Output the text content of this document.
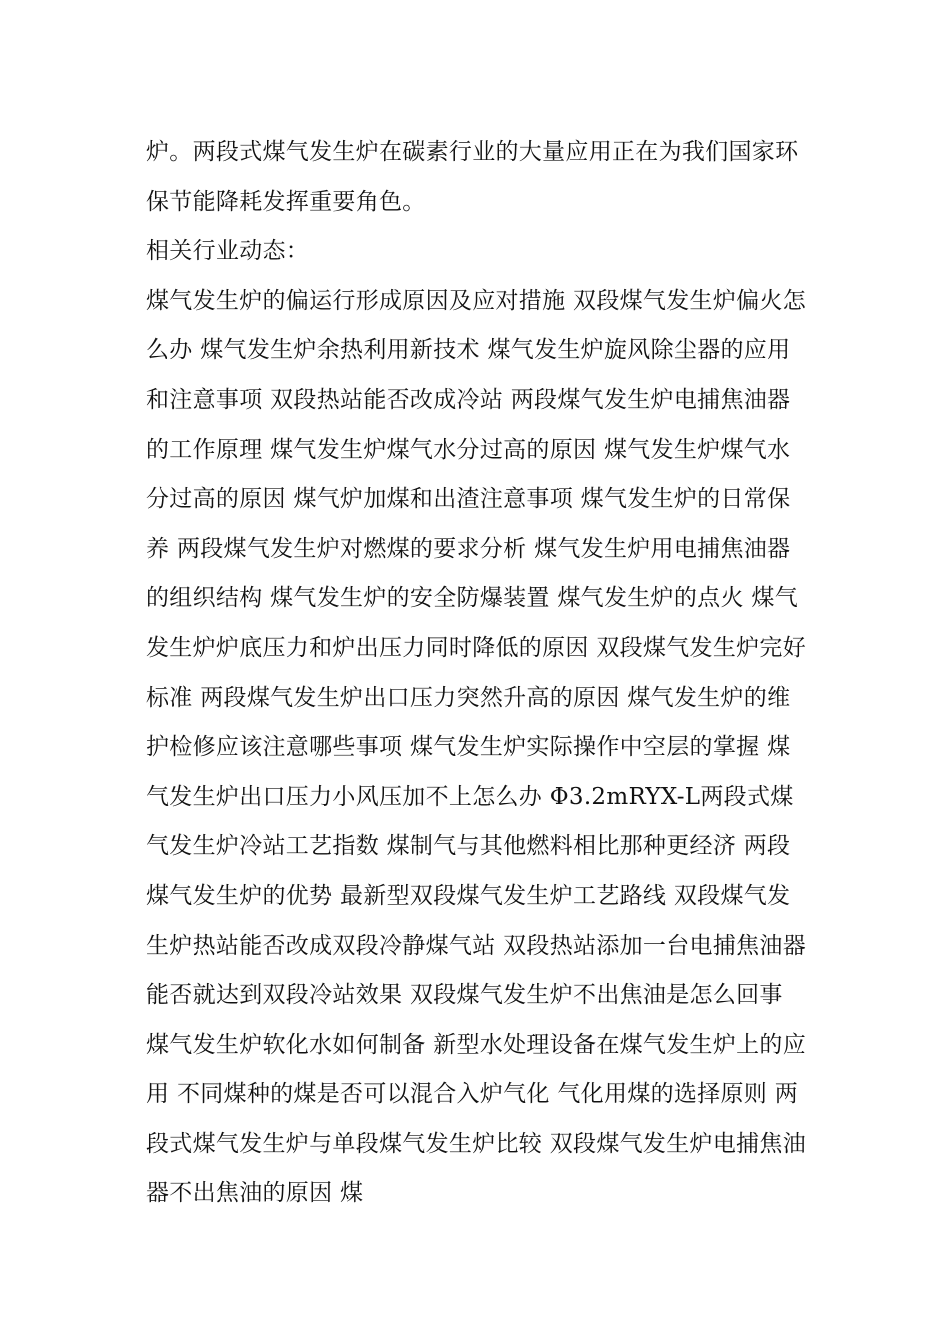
炉。两段式煤气发生炉在碳素行业的大量应用正在为我们国家环保节能降耗发挥重要角色。

相关行业动态：

煤气发生炉的偏运行形成原因及应对措施 双段煤气发生炉偏火怎么办 煤气发生炉余热利用新技术 煤气发生炉旋风除尘器的应用和注意事项 双段热站能否改成冷站 两段煤气发生炉电捕焦油器的工作原理 煤气发生炉煤气水分过高的原因 煤气发生炉煤气水分过高的原因 煤气炉加煤和出渣注意事项 煤气发生炉的日常保养 两段煤气发生炉对燃煤的要求分析 煤气发生炉用电捕焦油器的组织结构 煤气发生炉的安全防爆装置 煤气发生炉的点火 煤气发生炉炉底压力和炉出压力同时降低的原因 双段煤气发生炉完好标准 两段煤气发生炉出口压力突然升高的原因 煤气发生炉的维护检修应该注意哪些事项 煤气发生炉实际操作中空层的掌握 煤气发生炉出口压力小风压加不上怎么办 Φ3.2mRYX-L两段式煤气发生炉冷站工艺指数 煤制气与其他燃料相比那种更经济 两段煤气发生炉的优势 最新型双段煤气发生炉工艺路线 双段煤气发生炉热站能否改成双段冷静煤气站 双段热站添加一台电捕焦油器能否就达到双段冷站效果 双段煤气发生炉不出焦油是怎么回事 煤气发生炉软化水如何制备 新型水处理设备在煤气发生炉上的应用 不同煤种的煤是否可以混合入炉气化 气化用煤的选择原则 两段式煤气发生炉与单段煤气发生炉比较 双段煤气发生炉电捕焦油器不出焦油的原因 煤
